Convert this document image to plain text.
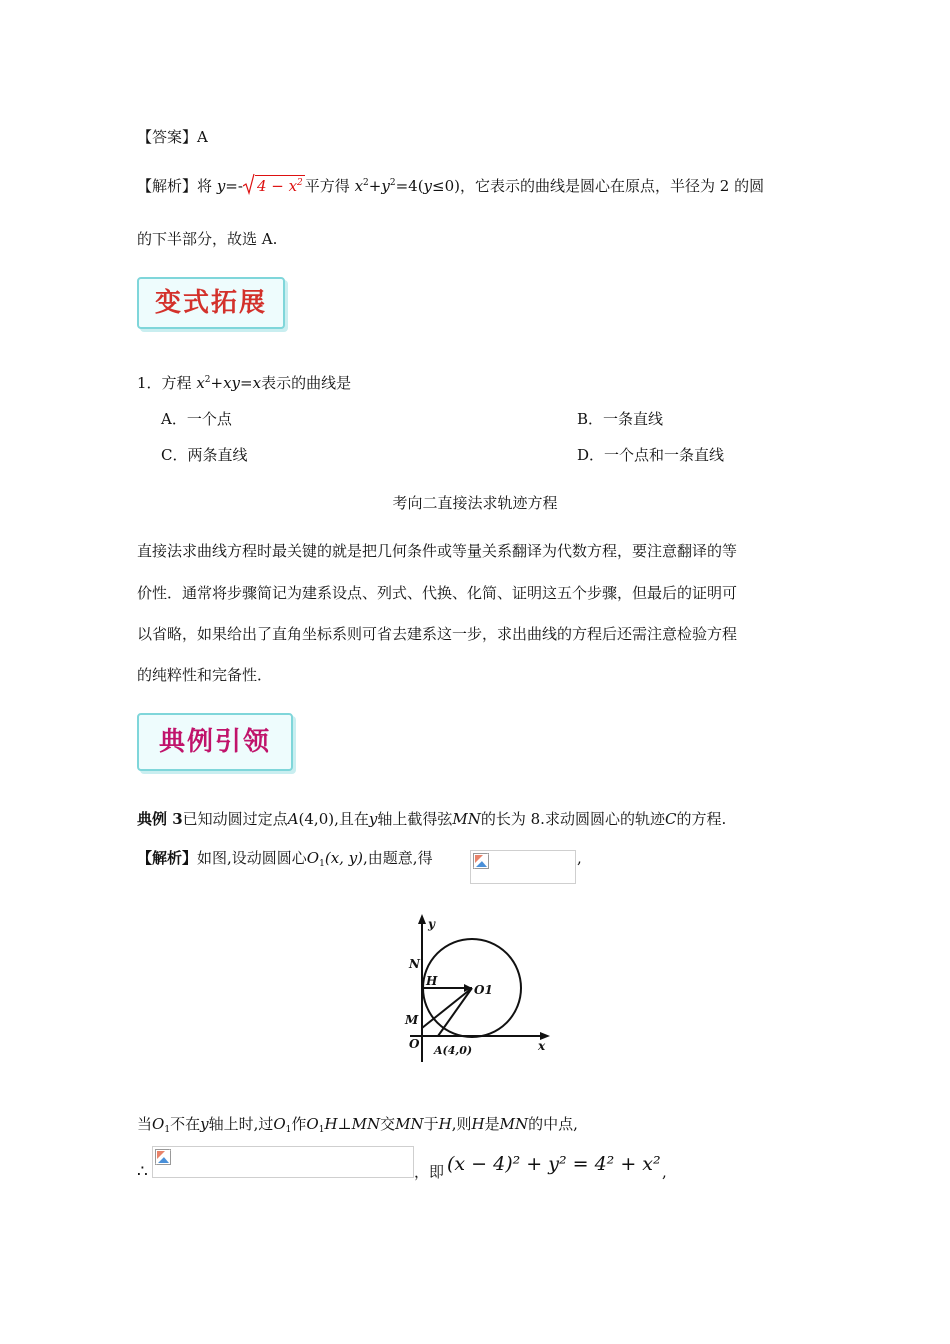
【答案】A
【解析】将 y=- $4 - x^2$ 平方得 $x^2+y^2=4(y\le 0)$，它表示的曲线是圆心在原点，半径为 2 的圆
的下半部分，故选 A.
变式拓展
1．方程 $x^2+xy=x$表示的曲线是
A．一个点	B．一条直线
C．两条直线	D．一个点和一条直线
考向二直接法求轨迹方程
直接法求曲线方程时最关键的就是把几何条件或等量关系翻译为代数方程，要注意翻译的等
价性．通常将步骤简记为建系设点、列式、代换、化简、证明这五个步骤，但最后的证明可
以省略，如果给出了直角坐标系则可省去建系这一步，求出曲线的方程后还需注意检验方程
的纯粹性和完备性．
典例引领
典例 3已知动圆过定点A(4,0),且在y轴上截得弦MN的长为 8.求动圆圆心的轨迹C的方程.
【解析】如图,设动圆圆心$O_1(x$, y),由题意,得	,
y
x
N
H
O1
M
O A(4,0)
当$O_1$不在y轴上时,过$O_1$作$O_1H\perp MN$交MN于H,则H是MN的中点,
∴	，即 (x − 4)² + y² = 4² + x² ,
